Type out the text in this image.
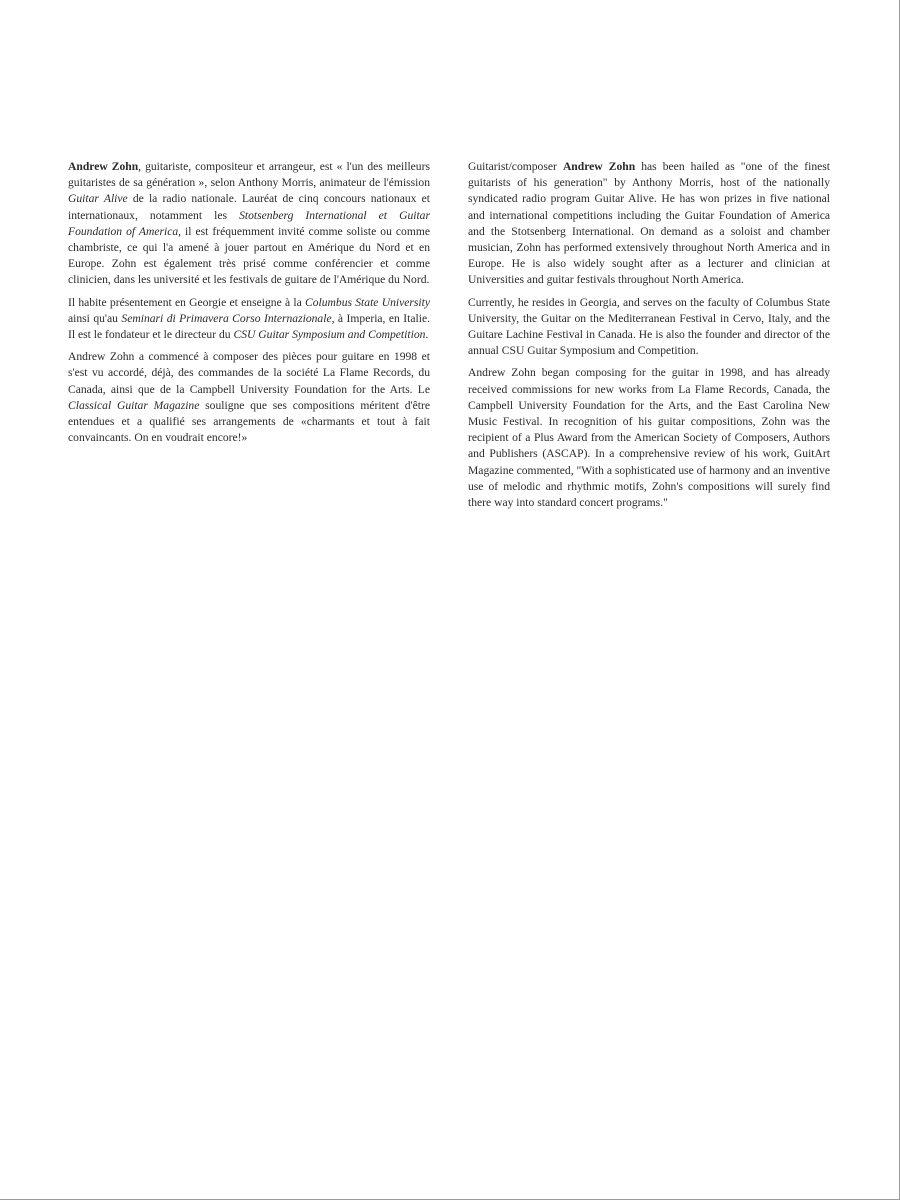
Andrew Zohn, guitariste, compositeur et arrangeur, est « l'un des meilleurs guitaristes de sa génération », selon Anthony Morris, animateur de l'émission Guitar Alive de la radio nationale. Lauréat de cinq concours nationaux et internationaux, notamment les Stotsenberg International et Guitar Foundation of America, il est fréquemment invité comme soliste ou comme chambriste, ce qui l'a amené à jouer partout en Amérique du Nord et en Europe. Zohn est également très prisé comme conférencier et comme clinicien, dans les université et les festivals de guitare de l'Amérique du Nord.

Il habite présentement en Georgie et enseigne à la Columbus State University ainsi qu'au Seminari di Primavera Corso Internazionale, à Imperia, en Italie. Il est le fondateur et le directeur du CSU Guitar Symposium and Competition.

Andrew Zohn a commencé à composer des pièces pour guitare en 1998 et s'est vu accordé, déjà, des commandes de la société La Flame Records, du Canada, ainsi que de la Campbell University Foundation for the Arts. Le Classical Guitar Magazine souligne que ses compositions méritent d'être entendues et a qualifié ses arrangements de «charmants et tout à fait convaincants. On en voudrait encore!»

Guitarist/composer Andrew Zohn has been hailed as "one of the finest guitarists of his generation" by Anthony Morris, host of the nationally syndicated radio program Guitar Alive. He has won prizes in five national and international competitions including the Guitar Foundation of America and the Stotsenberg International. On demand as a soloist and chamber musician, Zohn has performed extensively throughout North America and in Europe. He is also widely sought after as a lecturer and clinician at Universities and guitar festivals throughout North America.

Currently, he resides in Georgia, and serves on the faculty of Columbus State University, the Guitar on the Mediterranean Festival in Cervo, Italy, and the Guitare Lachine Festival in Canada. He is also the founder and director of the annual CSU Guitar Symposium and Competition.

Andrew Zohn began composing for the guitar in 1998, and has already received commissions for new works from La Flame Records, Canada, the Campbell University Foundation for the Arts, and the East Carolina New Music Festival. In recognition of his guitar compositions, Zohn was the recipient of a Plus Award from the American Society of Composers, Authors and Publishers (ASCAP). In a comprehensive review of his work, GuitArt Magazine commented, "With a sophisticated use of harmony and an inventive use of melodic and rhythmic motifs, Zohn's compositions will surely find there way into standard concert programs."
